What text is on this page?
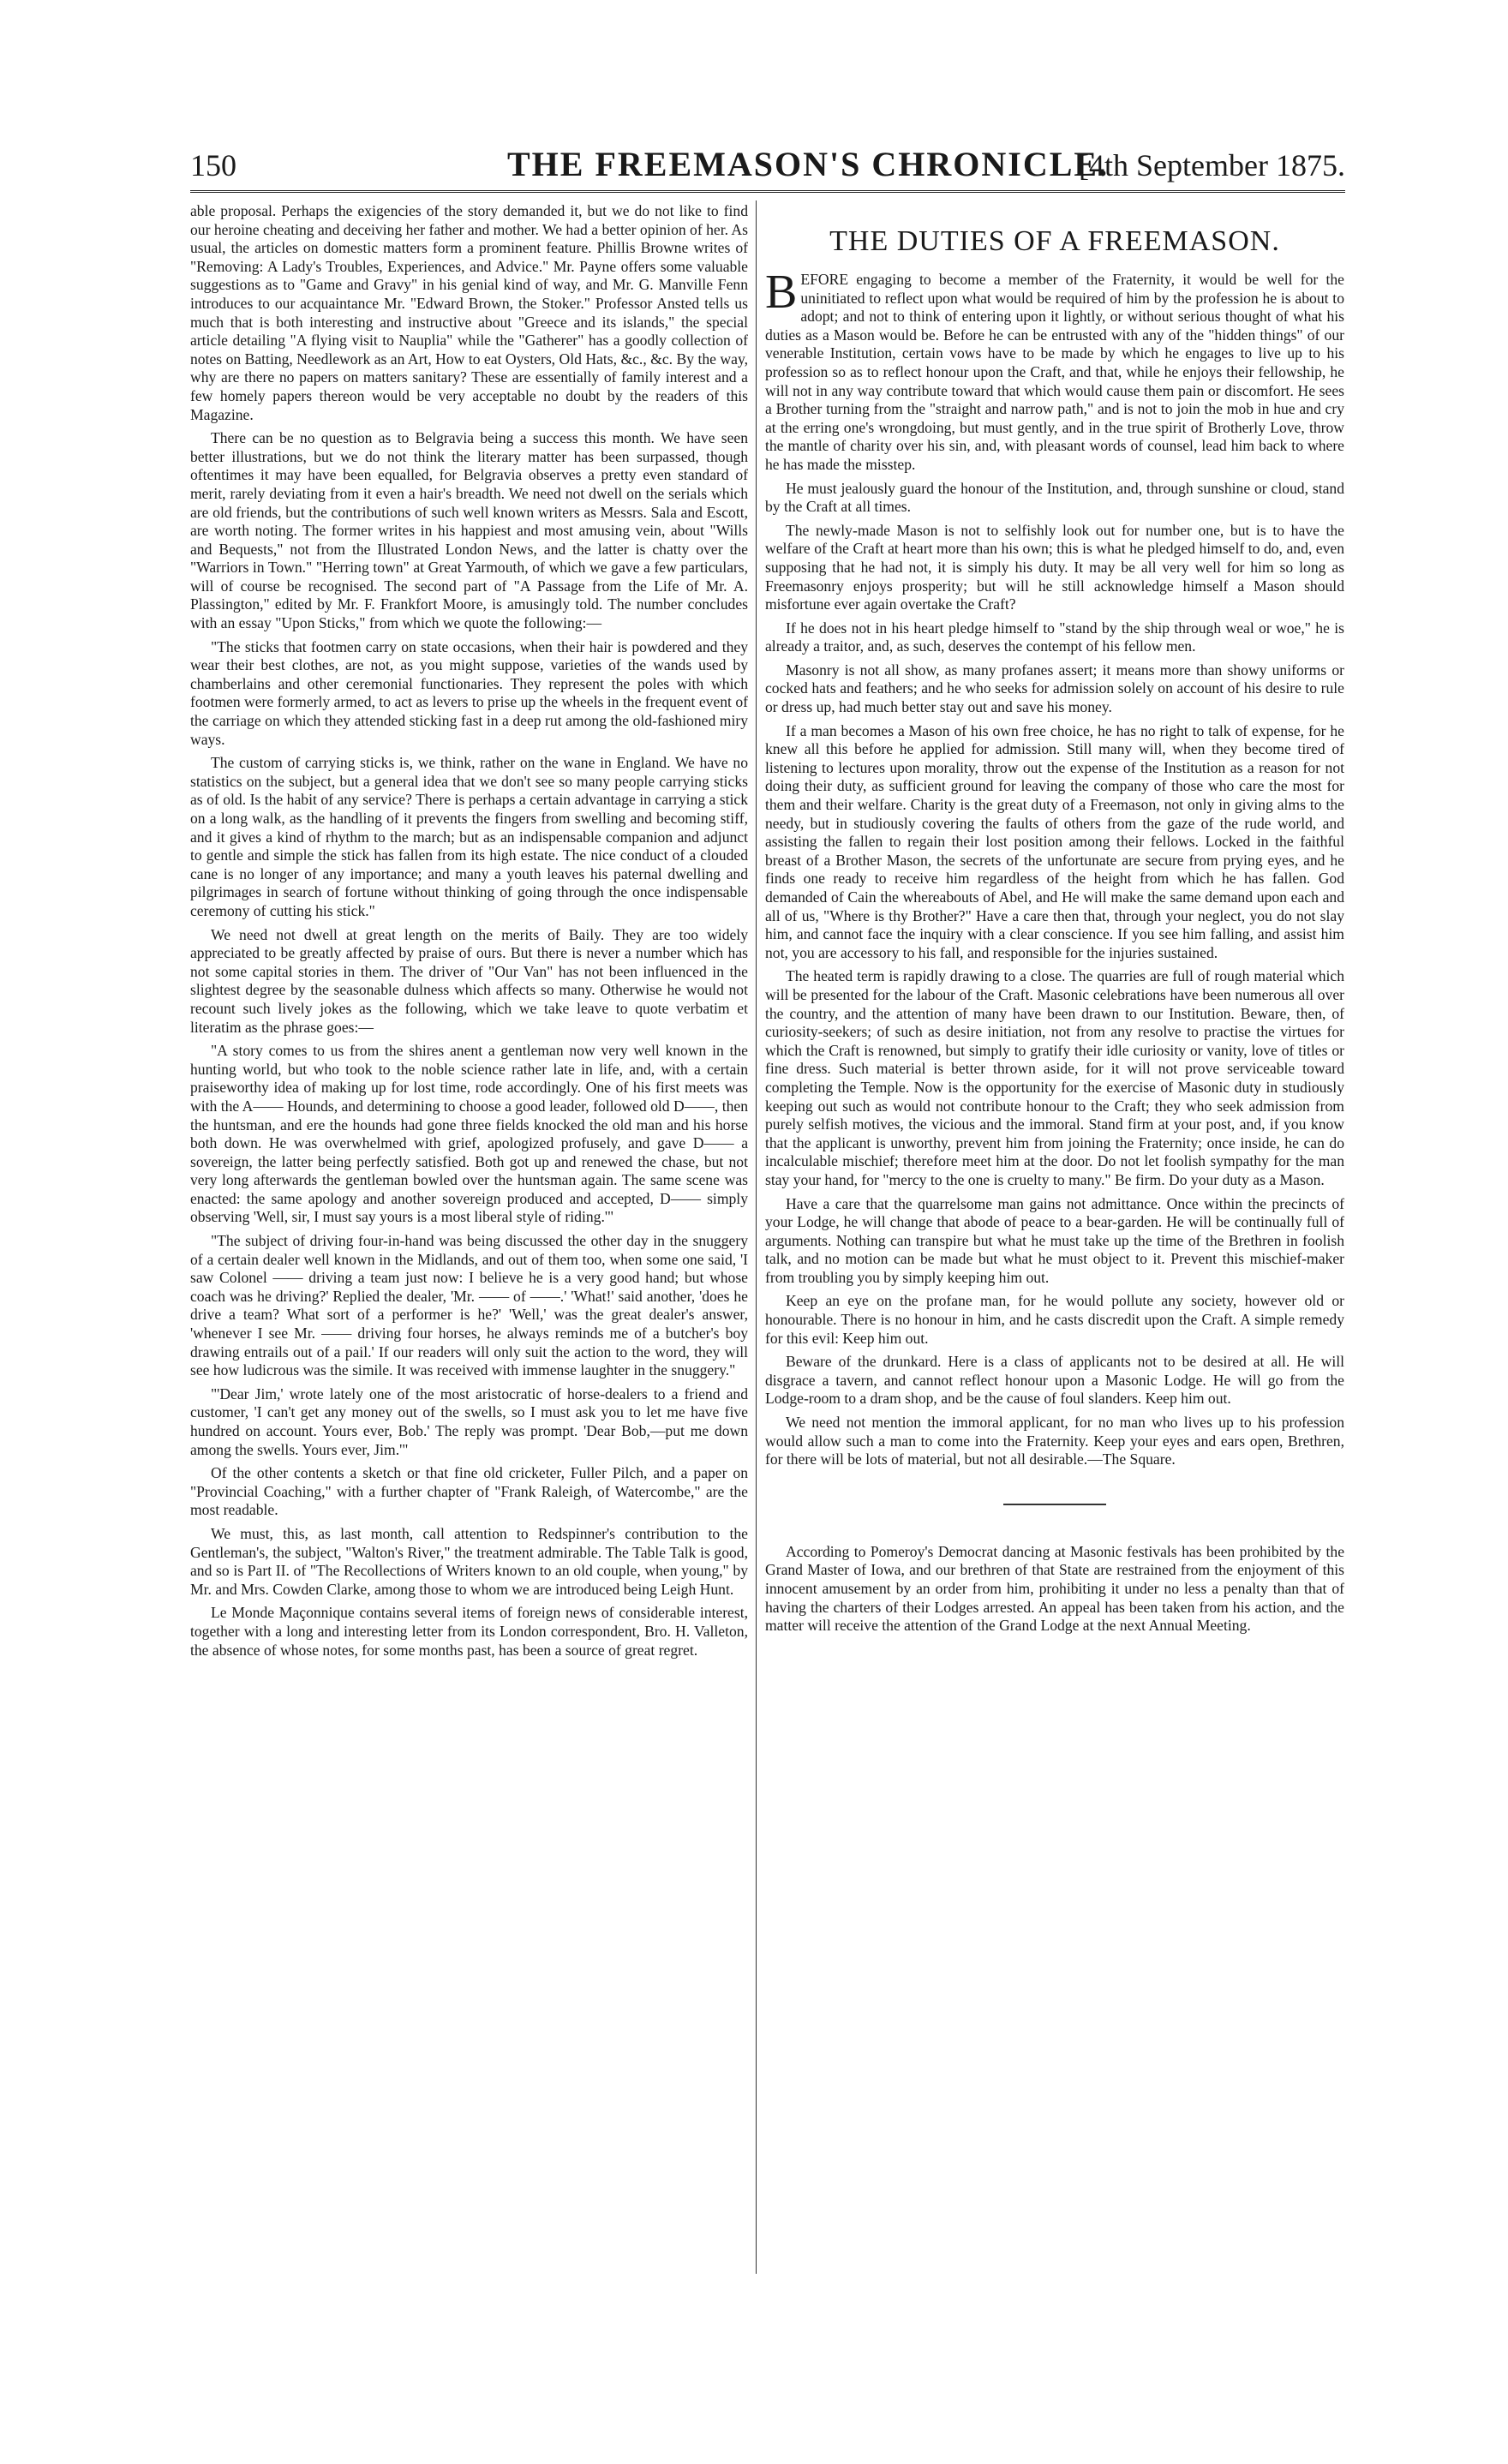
150	THE FREEMASON'S CHRONICLE.
[4th September 1875.

able proposal. Perhaps the exigencies of the story demanded it, but we do not like to find our heroine cheating and deceiving her father and mother. We had a better opinion of her. As usual, the articles on domestic matters form a prominent feature. Phillis Browne writes of "Removing: A Lady's Troubles, Experiences, and Advice." Mr. Payne offers some valuable suggestions as to "Game and Gravy" in his genial kind of way, and Mr. G. Manville Fenn introduces to our acquaintance Mr. "Edward Brown, the Stoker." Professor Ansted tells us much that is both interesting and instructive about "Greece and its islands," the special article detailing "A flying visit to Nauplia" while the "Gatherer" has a goodly collection of notes on Batting, Needlework as an Art, How to eat Oysters, Old Hats, &c., &c. By the way, why are there no papers on matters sanitary? These are essentially of family interest and a few homely papers thereon would be very acceptable no doubt by the readers of this Magazine.

There can be no question as to Belgravia being a success this month. We have seen better illustrations, but we do not think the literary matter has been surpassed, though oftentimes it may have been equalled, for Belgravia observes a pretty even standard of merit, rarely deviating from it even a hair's breadth. We need not dwell on the serials which are old friends, but the contributions of such well known writers as Messrs. Sala and Escott, are worth noting. The former writes in his happiest and most amusing vein, about "Wills and Bequests," not from the Illustrated London News, and the latter is chatty over the "Warriors in Town." "Herring town" at Great Yarmouth, of which we gave a few particulars, will of course be recognised. The second part of "A Passage from the Life of Mr. A. Plassington," edited by Mr. F. Frankfort Moore, is amusingly told. The number concludes with an essay "Upon Sticks," from which we quote the following:—

"The sticks that footmen carry on state occasions, when their hair is powdered and they wear their best clothes, are not, as you might suppose, varieties of the wands used by chamberlains and other ceremonial functionaries. They represent the poles with which footmen were formerly armed, to act as levers to prise up the wheels in the frequent event of the carriage on which they attended sticking fast in a deep rut among the old-fashioned miry ways.

The custom of carrying sticks is, we think, rather on the wane in England. We have no statistics on the subject, but a general idea that we don't see so many people carrying sticks as of old. Is the habit of any service? There is perhaps a certain advantage in carrying a stick on a long walk, as the handling of it prevents the fingers from swelling and becoming stiff, and it gives a kind of rhythm to the march; but as an indispensable companion and adjunct to gentle and simple the stick has fallen from its high estate. The nice conduct of a clouded cane is no longer of any importance; and many a youth leaves his paternal dwelling and pilgrimages in search of fortune without thinking of going through the once indispensable ceremony of cutting his stick."

We need not dwell at great length on the merits of Baily. They are too widely appreciated to be greatly affected by praise of ours. But there is never a number which has not some capital stories in them. The driver of "Our Van" has not been influenced in the slightest degree by the seasonable dulness which affects so many. Otherwise he would not recount such lively jokes as the following, which we take leave to quote verbatim et literatim as the phrase goes:—

"A story comes to us from the shires anent a gentleman now very well known in the hunting world, but who took to the noble science rather late in life, and, with a certain praiseworthy idea of making up for lost time, rode accordingly. One of his first meets was with the A—— Hounds, and determining to choose a good leader, followed old D——, then the huntsman, and ere the hounds had gone three fields knocked the old man and his horse both down. He was overwhelmed with grief, apologized profusely, and gave D—— a sovereign, the latter being perfectly satisfied. Both got up and renewed the chase, but not very long afterwards the gentleman bowled over the huntsman again. The same scene was enacted: the same apology and another sovereign produced and accepted, D—— simply observing 'Well, sir, I must say yours is a most liberal style of riding.'"

"The subject of driving four-in-hand was being discussed the other day in the snuggery of a certain dealer well known in the Midlands, and out of them too, when some one said, 'I saw Colonel —— driving a team just now: I believe he is a very good hand; but whose coach was he driving?' Replied the dealer, 'Mr. —— of ——.' 'What!' said another, 'does he drive a team? What sort of a performer is he?' 'Well,' was the great dealer's answer, 'whenever I see Mr. —— driving four horses, he always reminds me of a butcher's boy drawing entrails out of a pail.' If our readers will only suit the action to the word, they will see how ludicrous was the simile. It was received with immense laughter in the snuggery."

"'Dear Jim,' wrote lately one of the most aristocratic of horse-dealers to a friend and customer, 'I can't get any money out of the swells, so I must ask you to let me have five hundred on account. Yours ever, Bob.' The reply was prompt. 'Dear Bob,—put me down among the swells. Yours ever, Jim.'"

Of the other contents a sketch or that fine old cricketer, Fuller Pilch, and a paper on "Provincial Coaching," with a further chapter of "Frank Raleigh, of Watercombe," are the most readable.

We must, this, as last month, call attention to Redspinner's contribution to the Gentleman's, the subject, "Walton's River," the treatment admirable. The Table Talk is good, and so is Part II. of "The Recollections of Writers known to an old couple, when young," by Mr. and Mrs. Cowden Clarke, among those to whom we are introduced being Leigh Hunt.

Le Monde Maçonnique contains several items of foreign news of considerable interest, together with a long and interesting letter from its London correspondent, Bro. H. Valleton, the absence of whose notes, for some months past, has been a source of great regret.

THE DUTIES OF A FREEMASON.

BEFORE engaging to become a member of the Fraternity, it would be well for the uninitiated to reflect upon what would be required of him by the profession he is about to adopt; and not to think of entering upon it lightly, or without serious thought of what his duties as a Mason would be. Before he can be entrusted with any of the "hidden things" of our venerable Institution, certain vows have to be made by which he engages to live up to his profession so as to reflect honour upon the Craft, and that, while he enjoys their fellowship, he will not in any way contribute toward that which would cause them pain or discomfort. He sees a Brother turning from the "straight and narrow path," and is not to join the mob in hue and cry at the erring one's wrongdoing, but must gently, and in the true spirit of Brotherly Love, throw the mantle of charity over his sin, and, with pleasant words of counsel, lead him back to where he has made the misstep.

He must jealously guard the honour of the Institution, and, through sunshine or cloud, stand by the Craft at all times.

The newly-made Mason is not to selfishly look out for number one, but is to have the welfare of the Craft at heart more than his own; this is what he pledged himself to do, and, even supposing that he had not, it is simply his duty. It may be all very well for him so long as Freemasonry enjoys prosperity; but will he still acknowledge himself a Mason should misfortune ever again overtake the Craft?

If he does not in his heart pledge himself to "stand by the ship through weal or woe," he is already a traitor, and, as such, deserves the contempt of his fellow men.

Masonry is not all show, as many profanes assert; it means more than showy uniforms or cocked hats and feathers; and he who seeks for admission solely on account of his desire to rule or dress up, had much better stay out and save his money.

If a man becomes a Mason of his own free choice, he has no right to talk of expense, for he knew all this before he applied for admission. Still many will, when they become tired of listening to lectures upon morality, throw out the expense of the Institution as a reason for not doing their duty, as sufficient ground for leaving the company of those who care the most for them and their welfare. Charity is the great duty of a Freemason, not only in giving alms to the needy, but in studiously covering the faults of others from the gaze of the rude world, and assisting the fallen to regain their lost position among their fellows. Locked in the faithful breast of a Brother Mason, the secrets of the unfortunate are secure from prying eyes, and he finds one ready to receive him regardless of the height from which he has fallen. God demanded of Cain the whereabouts of Abel, and He will make the same demand upon each and all of us, "Where is thy Brother?" Have a care then that, through your neglect, you do not slay him, and cannot face the inquiry with a clear conscience. If you see him falling, and assist him not, you are accessory to his fall, and responsible for the injuries sustained.

The heated term is rapidly drawing to a close. The quarries are full of rough material which will be presented for the labour of the Craft. Masonic celebrations have been numerous all over the country, and the attention of many have been drawn to our Institution. Beware, then, of curiosity-seekers; of such as desire initiation, not from any resolve to practise the virtues for which the Craft is renowned, but simply to gratify their idle curiosity or vanity, love of titles or fine dress. Such material is better thrown aside, for it will not prove serviceable toward completing the Temple. Now is the opportunity for the exercise of Masonic duty in studiously keeping out such as would not contribute honour to the Craft; they who seek admission from purely selfish motives, the vicious and the immoral. Stand firm at your post, and, if you know that the applicant is unworthy, prevent him from joining the Fraternity; once inside, he can do incalculable mischief; therefore meet him at the door. Do not let foolish sympathy for the man stay your hand, for "mercy to the one is cruelty to many." Be firm. Do your duty as a Mason.

Have a care that the quarrelsome man gains not admittance. Once within the precincts of your Lodge, he will change that abode of peace to a bear-garden. He will be continually full of arguments. Nothing can transpire but what he must take up the time of the Brethren in foolish talk, and no motion can be made but what he must object to it. Prevent this mischief-maker from troubling you by simply keeping him out.

Keep an eye on the profane man, for he would pollute any society, however old or honourable. There is no honour in him, and he casts discredit upon the Craft. A simple remedy for this evil: Keep him out.

Beware of the drunkard. Here is a class of applicants not to be desired at all. He will disgrace a tavern, and cannot reflect honour upon a Masonic Lodge. He will go from the Lodge-room to a dram shop, and be the cause of foul slanders. Keep him out.

We need not mention the immoral applicant, for no man who lives up to his profession would allow such a man to come into the Fraternity. Keep your eyes and ears open, Brethren, for there will be lots of material, but not all desirable.—The Square.

According to Pomeroy's Democrat dancing at Masonic festivals has been prohibited by the Grand Master of Iowa, and our brethren of that State are restrained from the enjoyment of this innocent amusement by an order from him, prohibiting it under no less a penalty than that of having the charters of their Lodges arrested. An appeal has been taken from his action, and the matter will receive the attention of the Grand Lodge at the next Annual Meeting.
